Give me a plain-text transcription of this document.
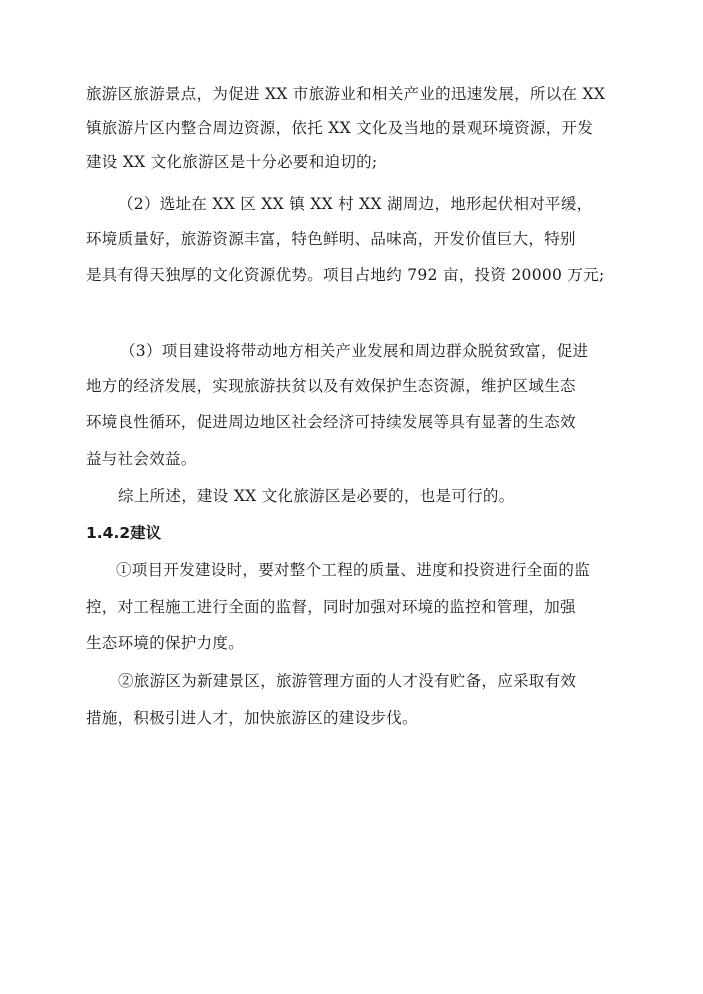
旅游区旅游景点，为促进 XX 市旅游业和相关产业的迅速发展，所以在 XX
镇旅游片区内整合周边资源，依托 XX 文化及当地的景观环境资源，开发
建设 XX 文化旅游区是十分必要和迫切的;
（2）选址在 XX 区 XX 镇 XX 村 XX 湖周边，地形起伏相对平缓，
环境质量好，旅游资源丰富，特色鲜明、品味高，开发价值巨大，特别
是具有得天独厚的文化资源优势。项目占地约 792 亩，投资 20000 万元;
（3）项目建设将带动地方相关产业发展和周边群众脱贫致富，促进
地方的经济发展，实现旅游扶贫以及有效保护生态资源，维护区域生态
环境良性循环，促进周边地区社会经济可持续发展等具有显著的生态效
益与社会效益。
综上所述，建设 XX 文化旅游区是必要的，也是可行的。
1.4.2建议
①项目开发建设时，要对整个工程的质量、进度和投资进行全面的监
控，对工程施工进行全面的监督，同时加强对环境的监控和管理，加强
生态环境的保护力度。
②旅游区为新建景区，旅游管理方面的人才没有贮备，应采取有效
措施，积极引进人才，加快旅游区的建设步伐。
